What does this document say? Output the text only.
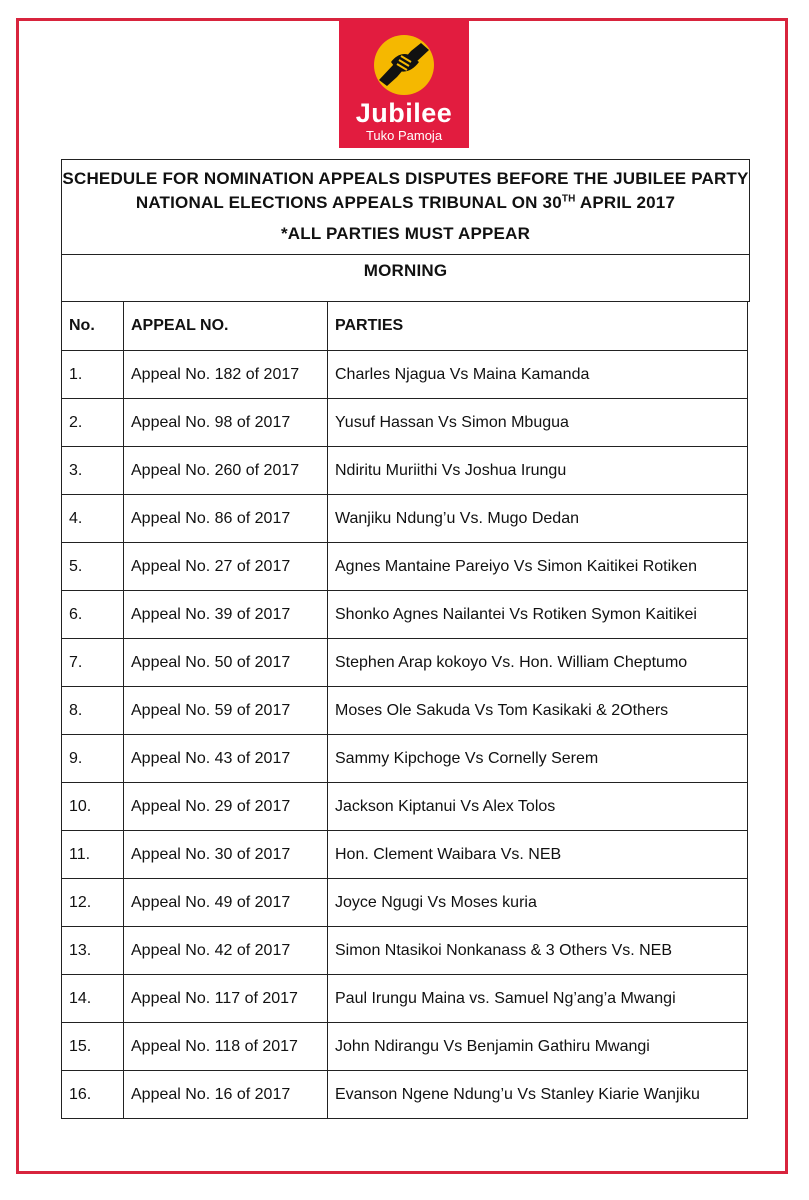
Jubilee
Tuko Pamoja
SCHEDULE FOR NOMINATION APPEALS DISPUTES BEFORE THE JUBILEE PARTY
NATIONAL ELECTIONS APPEALS TRIBUNAL ON 30TH APRIL 2017
*ALL PARTIES MUST APPEAR
MORNING
No.	APPEAL NO.	PARTIES
1.	Appeal No. 182 of 2017	Charles Njagua Vs Maina Kamanda
2.	Appeal No. 98 of 2017	Yusuf Hassan Vs Simon Mbugua
3.	Appeal No. 260 of 2017	Ndiritu Muriithi Vs Joshua Irungu
4.	Appeal No. 86 of 2017	Wanjiku Ndung’u Vs. Mugo Dedan
5.	Appeal No. 27 of 2017	Agnes Mantaine Pareiyo Vs Simon Kaitikei Rotiken
6.	Appeal No. 39 of 2017	Shonko Agnes Nailantei Vs Rotiken Symon Kaitikei
7.	Appeal No. 50 of 2017	Stephen Arap kokoyo Vs. Hon. William Cheptumo
8.	Appeal No. 59 of 2017	Moses Ole Sakuda Vs Tom Kasikaki & 2Others
9.	Appeal No. 43 of 2017	Sammy Kipchoge Vs Cornelly Serem
10.	Appeal No. 29 of 2017	Jackson Kiptanui Vs Alex Tolos
11.	Appeal No. 30 of 2017	Hon. Clement Waibara Vs. NEB
12.	Appeal No. 49 of 2017	Joyce Ngugi Vs Moses kuria
13.	Appeal No. 42 of 2017	Simon Ntasikoi Nonkanass & 3 Others Vs. NEB
14.	Appeal No. 117 of 2017	Paul Irungu Maina vs. Samuel Ng’ang’a Mwangi
15.	Appeal No. 118 of 2017	John Ndirangu Vs Benjamin Gathiru Mwangi
16.	Appeal No. 16 of 2017	Evanson Ngene Ndung’u Vs Stanley Kiarie Wanjiku
